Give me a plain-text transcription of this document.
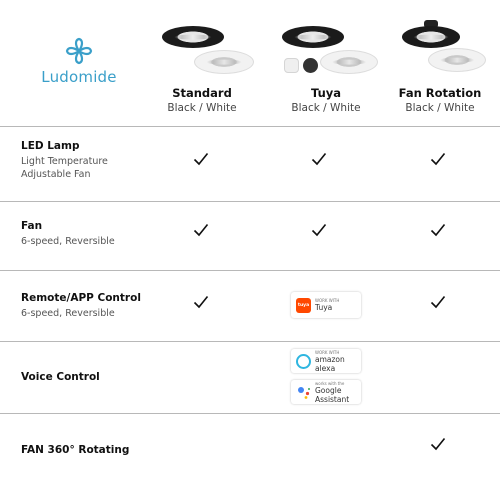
Ludomide
Standard
Black / White
Tuya
Black / White
Fan Rotation
Black / White
LED Lamp
Light Temperature
Adjustable Fan
Fan
6-speed, Reversible
Remote/APP Control
6-speed, Reversible
Voice Control
FAN 360° Rotating
tuya
WORK WITH
Tuya
WORK WITH
amazon alexa
works with the
Google Assistant
